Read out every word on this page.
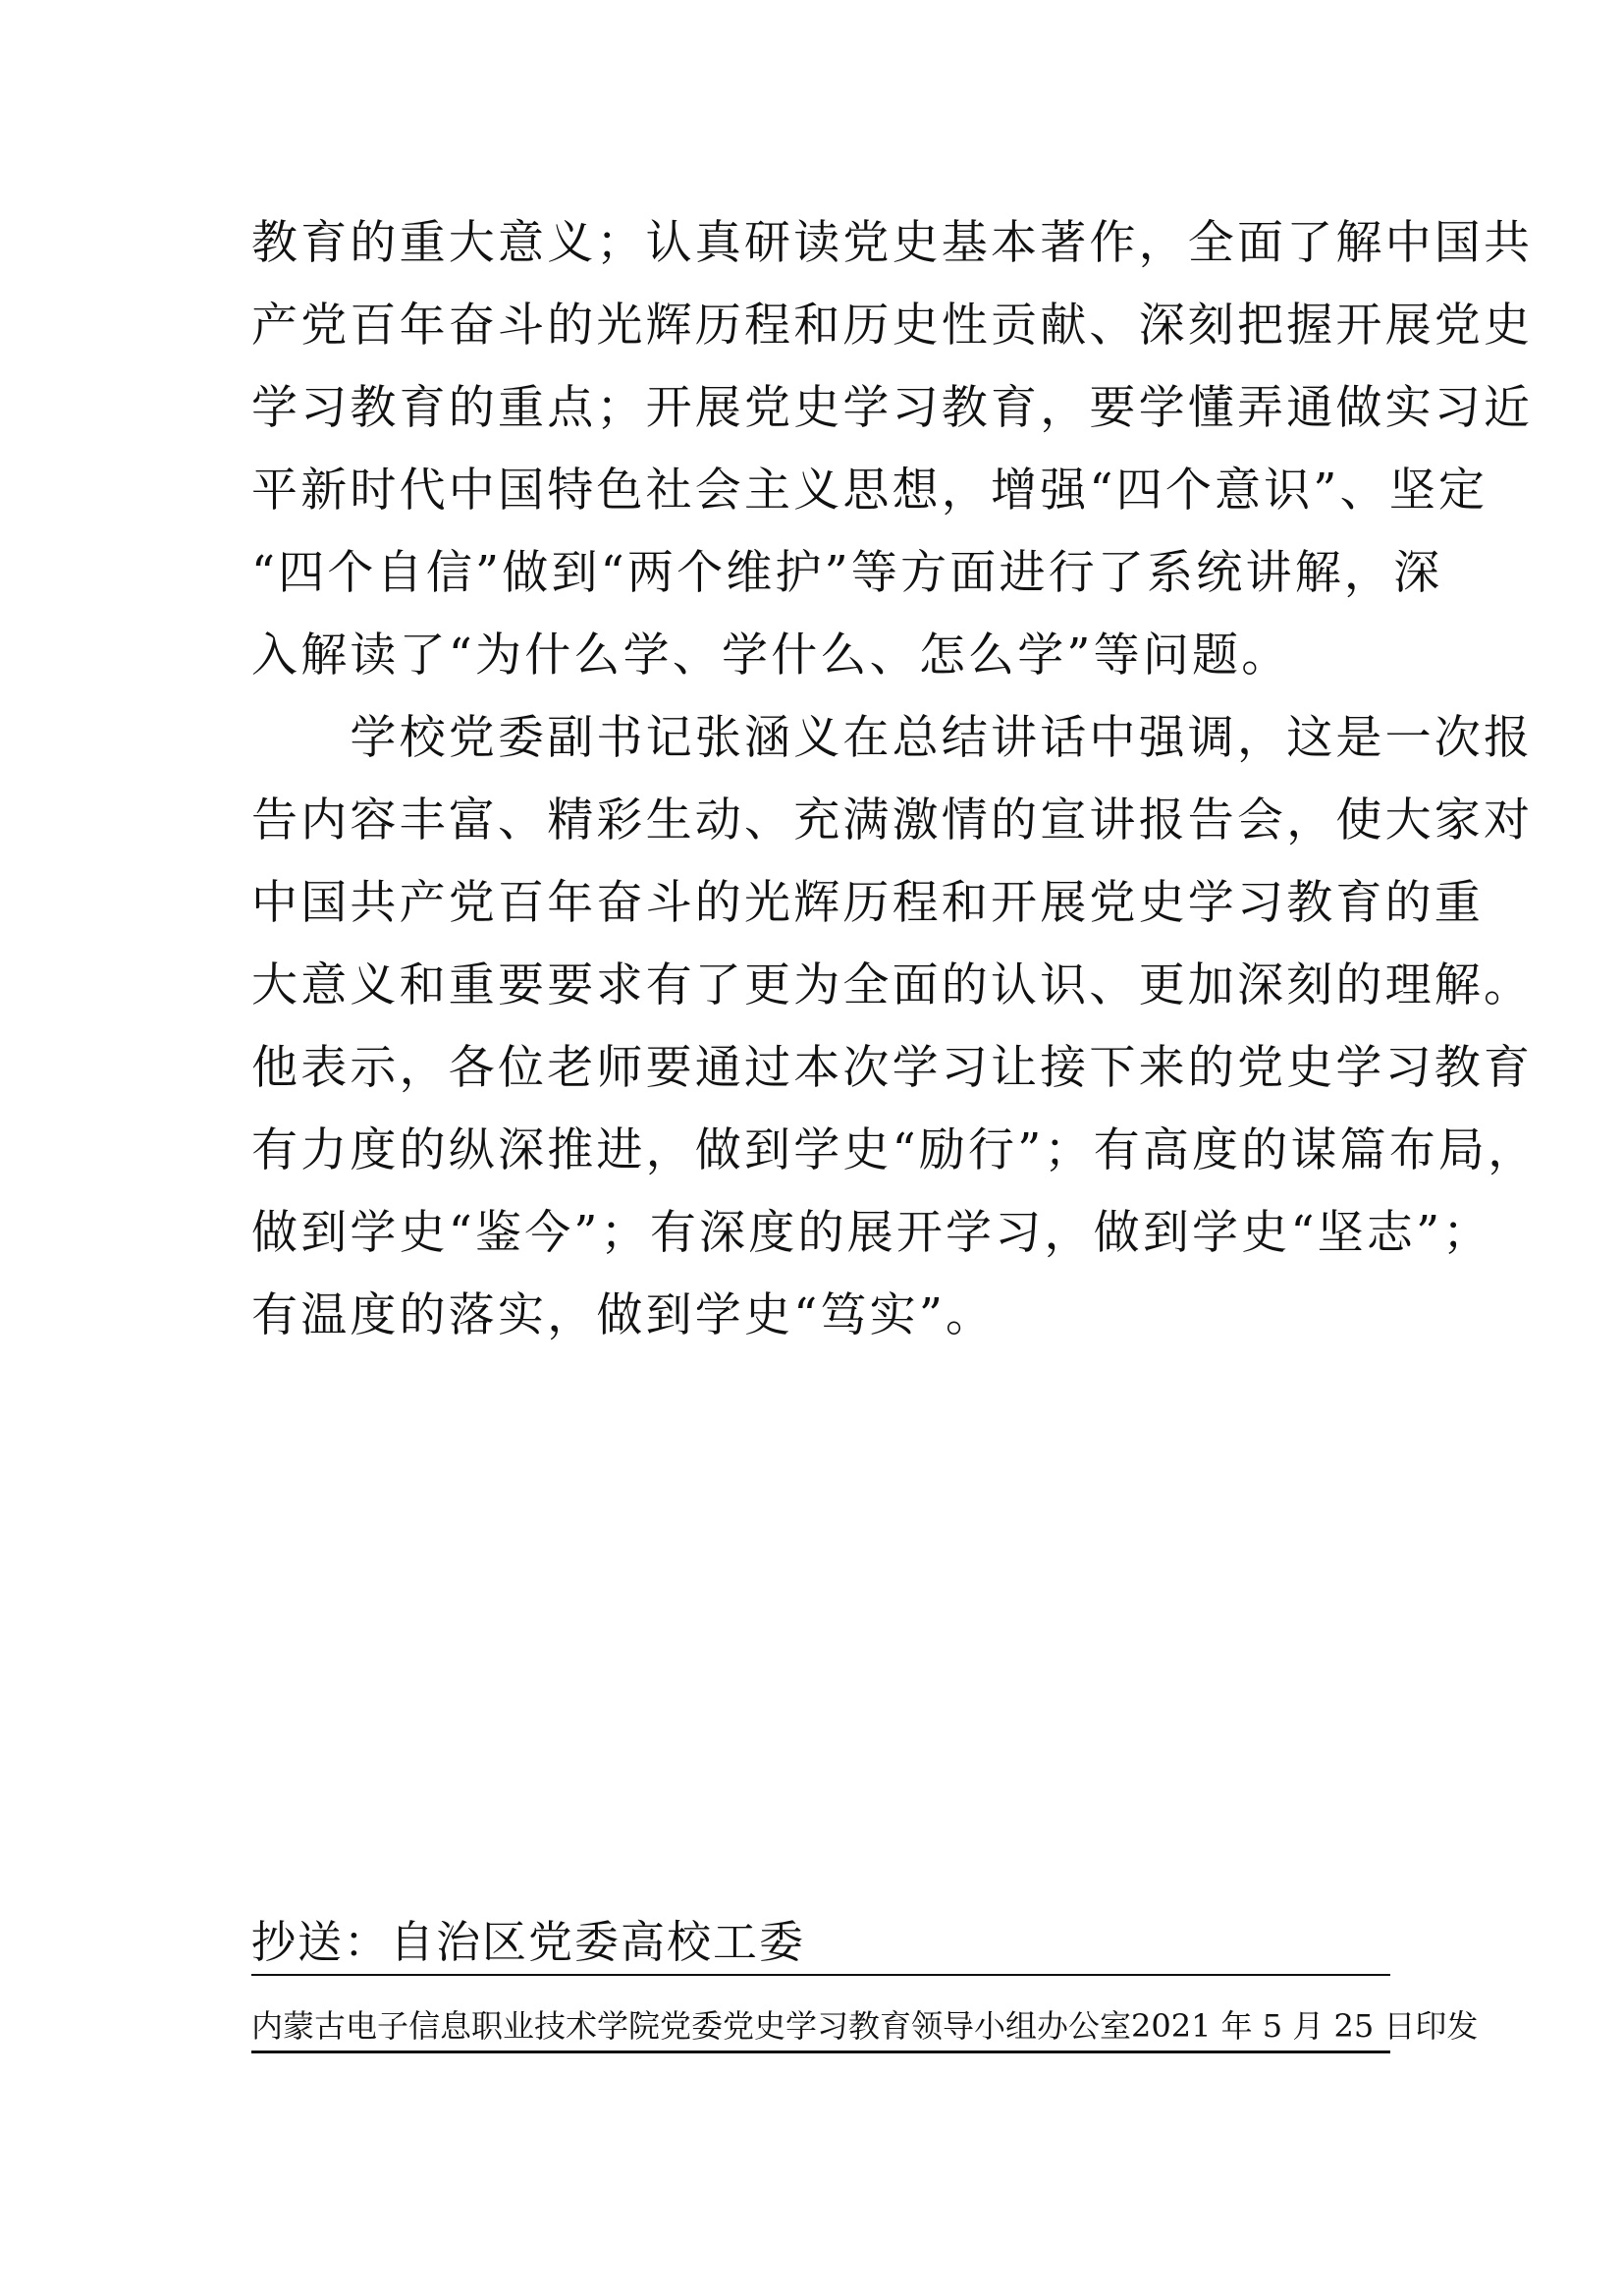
教育的重大意义；认真研读党史基本著作，全面了解中国共
产党百年奋斗的光辉历程和历史性贡献、深刻把握开展党史
学习教育的重点；开展党史学习教育，要学懂弄通做实习近
平新时代中国特色社会主义思想，增强“四个意识”、坚定
“四个自信”做到“两个维护”等方面进行了系统讲解，深
入解读了“为什么学、学什么、怎么学”等问题。
　　学校党委副书记张涵义在总结讲话中强调，这是一次报
告内容丰富、精彩生动、充满激情的宣讲报告会，使大家对
中国共产党百年奋斗的光辉历程和开展党史学习教育的重
大意义和重要要求有了更为全面的认识、更加深刻的理解。
他表示，各位老师要通过本次学习让接下来的党史学习教育
有力度的纵深推进，做到学史“励行”；有高度的谋篇布局，
做到学史“鉴今”；有深度的展开学习，做到学史“坚志”；
有温度的落实，做到学史“笃实”。
抄送：自治区党委高校工委
内蒙古电子信息职业技术学院党委党史学习教育领导小组办公室 2021 年 5 月 25 日印发
